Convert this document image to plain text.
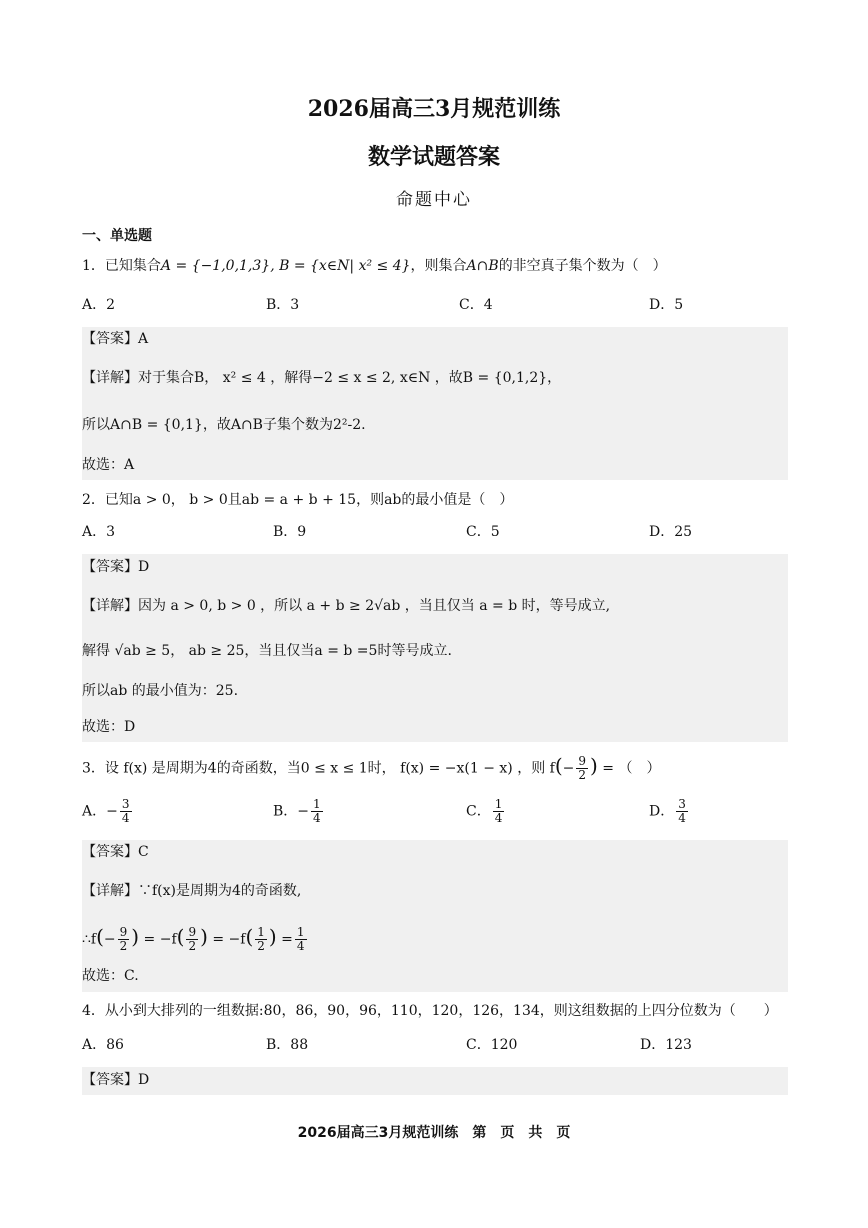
2026届高三3月规范训练
数学试题答案
命题中心
一、单选题
1．已知集合A = {−1,0,1,3}, B = {x∈N| x² ≤ 4}，则集合A∩B的非空真子集个数为（　）
A．2	B．3	C．4	D．5
【答案】A
【详解】对于集合B， x² ≤ 4 ，解得−2 ≤ x ≤ 2, x∈N ，故B = {0,1,2}，
所以A∩B = {0,1}，故A∩B子集个数为2²-2.
故选：A
2．已知a > 0， b > 0且ab = a + b + 15，则ab的最小值是（　）
A．3	B．9	C．5	D．25
【答案】D
【详解】因为 a > 0, b > 0 ，所以 a + b ≥ 2√ab ，当且仅当 a = b 时，等号成立,
解得 √ab ≥ 5， ab ≥ 25，当且仅当a = b =5时等号成立.
所以ab 的最小值为：25.
故选：D
3．设 f(x) 是周期为4的奇函数，当0 ≤ x ≤ 1时， f(x) = −x(1 − x) ，则 $f(- \frac{9}{2}$ ) = （　）
A．− $\frac{3}{4}$	B．− $\frac{1}{4}$	C． $\frac{1}{4}$	D． $\frac{3}{4}$
【答案】C
【详解】∵f(x)是周期为4的奇函数,
∴f(− $\frac{9}{2}$ ) = $-f( \frac{9}{2}$ ) = $-f( \frac{1}{2}$ ) = $\frac{1}{4}$
故选：C.
4．从小到大排列的一组数据:80，86，90，96，110，120，126，134，则这组数据的上四分位数为（　　）
A．86	B．88	C．120	D．123
【答案】D
2026届高三3月规范训练　第　页　共　页
